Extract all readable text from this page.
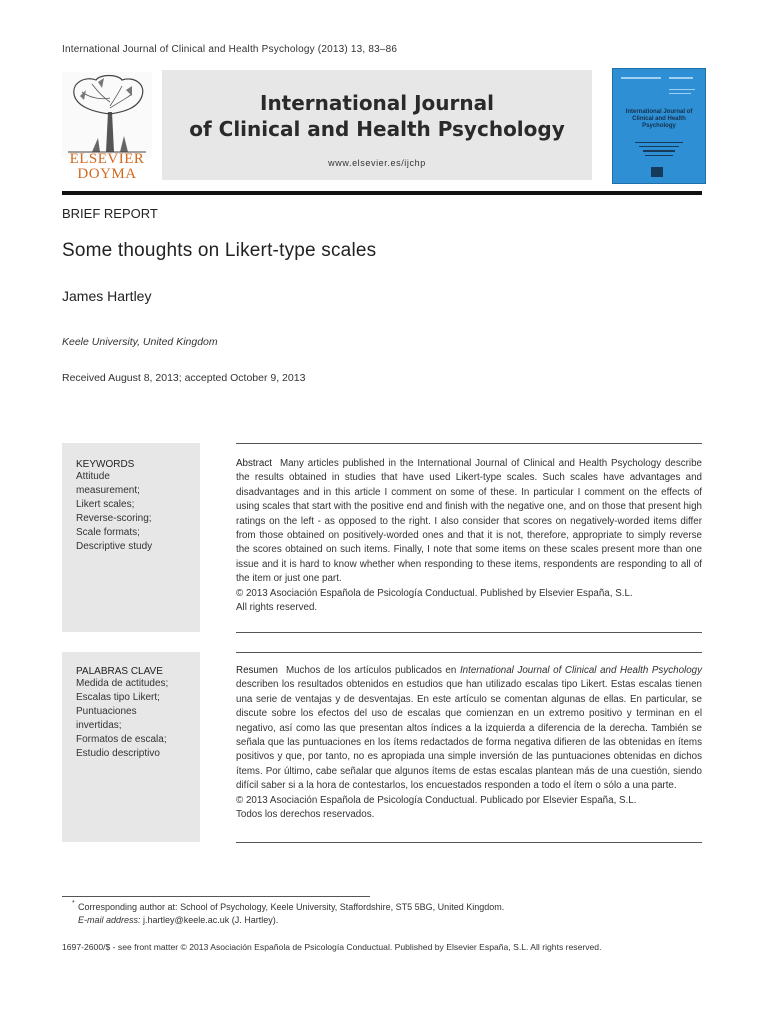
International Journal of Clinical and Health Psychology (2013) 13, 83–86
ELSEVIER
DOYMA
International Journal
of Clinical and Health Psychology
www.elsevier.es/ijchp
International Journal of Clinical and Health Psychology
BRIEF REPORT
Some thoughts on Likert-type scales
James Hartley
Keele University, United Kingdom
Received August 8, 2013; accepted October 9, 2013
KEYWORDS
Attitude
measurement;
Likert scales;
Reverse-scoring;
Scale formats;
Descriptive study
Abstract Many articles published in the International Journal of Clinical and Health Psychology describe the results obtained in studies that have used Likert-type scales. Such scales have advantages and disadvantages and in this article I comment on some of these. In particular I comment on the effects of using scales that start with the positive end and finish with the negative one, and on those that present high ratings on the left - as opposed to the right. I also consider that scores on negatively-worded items differ from those obtained on positively-worded ones and that it is not, therefore, appropriate to simply reverse the scores obtained on such items. Finally, I note that some items on these scales present more than one issue and it is hard to know whether when responding to these items, respondents are responding to all of the item or just one part.
© 2013 Asociación Española de Psicología Conductual. Published by Elsevier España, S.L.
All rights reserved.
PALABRAS CLAVE
Medida de actitudes;
Escalas tipo Likert;
Puntuaciones
invertidas;
Formatos de escala;
Estudio descriptivo
Resumen Muchos de los artículos publicados en International Journal of Clinical and Health Psychology describen los resultados obtenidos en estudios que han utilizado escalas tipo Likert. Estas escalas tienen una serie de ventajas y de desventajas. En este artículo se comentan algunas de ellas. En particular, se discute sobre los efectos del uso de escalas que comienzan en un extremo positivo y terminan en el negativo, así como las que presentan altos índices a la izquierda a diferencia de la derecha. También se señala que las puntuaciones en los ítems redactados de forma negativa difieren de las obtenidas en ítems positivos y que, por tanto, no es apropiada una simple inversión de las puntuaciones obtenidas en dichos ítems. Por último, cabe señalar que algunos ítems de estas escalas plantean más de una cuestión, siendo difícil saber si a la hora de contestarlos, los encuestados responden a todo el ítem o sólo a una parte.
© 2013 Asociación Española de Psicología Conductual. Publicado por Elsevier España, S.L.
Todos los derechos reservados.
* Corresponding author at: School of Psychology, Keele University, Staffordshire, ST5 5BG, United Kingdom.
E-mail address: j.hartley@keele.ac.uk (J. Hartley).
1697-2600/$ - see front matter © 2013 Asociación Española de Psicología Conductual. Published by Elsevier España, S.L. All rights reserved.
